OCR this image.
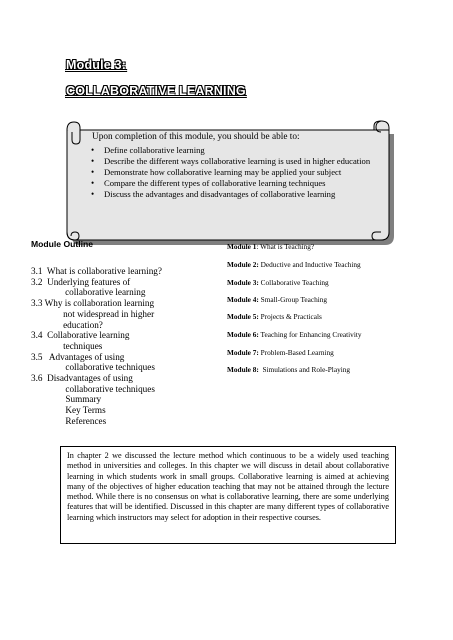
Module 3:
COLLABORATIVE LEARNING
Upon completion of this module, you should be able to:
• Define collaborative learning
• Describe the different ways collaborative learning is used in higher education
• Demonstrate how collaborative learning may be applied your subject
• Compare the different types of collaborative learning techniques
• Discuss the advantages and disadvantages of collaborative learning
Module Outline
3.1  What is collaborative learning?
3.2  Underlying features of
collaborative learning
3.3 Why is collaboration learning
not widespread in higher
education?
3.4  Collaborative learning
techniques
3.5   Advantages of using
collaborative techniques
3.6  Disadvantages of using
collaborative techniques
Summary
Key Terms
References
Module 1: What is Teaching?
Module 2: Deductive and Inductive Teaching
Module 3: Collaborative Teaching
Module 4: Small-Group Teaching
Module 5: Projects & Practicals
Module 6: Teaching for Enhancing Creativity
Module 7: Problem-Based Learning
Module 8:  Simulations and Role-Playing
In chapter 2 we discussed the lecture method which continuous to be a widely used teaching method in universities and colleges. In this chapter we will discuss in detail about collaborative learning in which students work in small groups. Collaborative learning is aimed at achieving many of the objectives of higher education teaching that may not be attained through the lecture method. While there is no consensus on what is collaborative learning, there are some underlying features that will be identified. Discussed in this chapter are many different types of collaborative learning which instructors may select for adoption in their respective courses.
